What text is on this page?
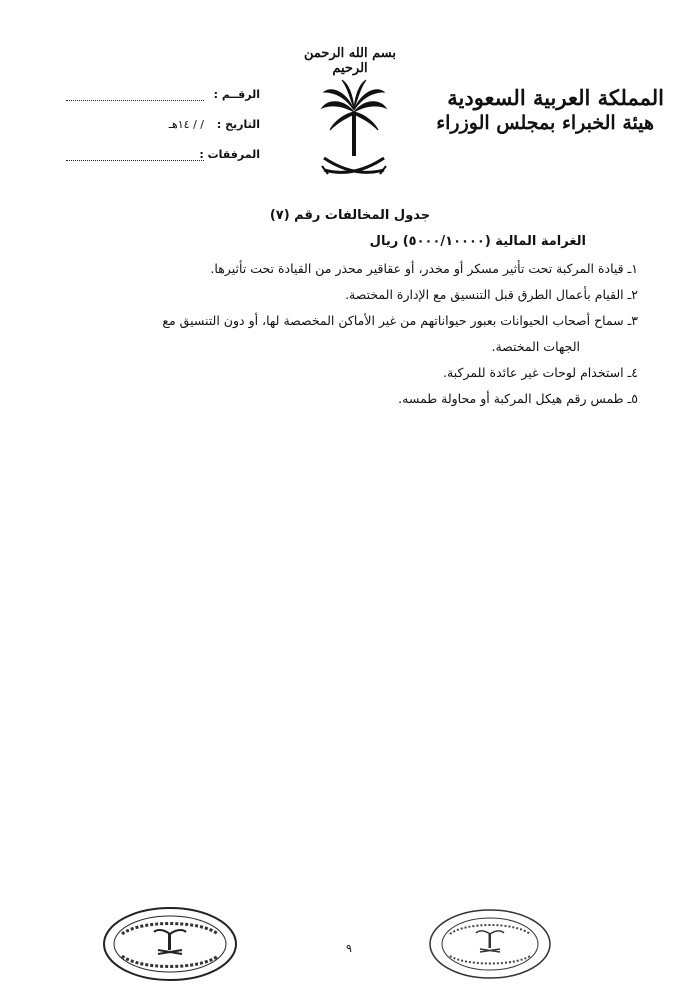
بسم الله الرحمن الرحيم
المملكة العربية السعودية
هيئة الخبراء بمجلس الوزراء
الرقــم :
التاريخ :
/ / ١٤هـ
المرفقات :
جدول المخالفات رقم (٧)
الغرامة المالية (٥٠٠٠/١٠٠٠٠) ريال

١ـ قيادة المركبة تحت تأثير مسكر أو مخدر، أو عقاقير محذر من القيادة تحت تأثيرها.

٢ـ القيام بأعمال الطرق قبل التنسيق مع الإدارة المختصة.

٣ـ سماح أصحاب الحيوانات بعبور حيواناتهم من غير الأماكن المخصصة لها، أو دون التنسيق مع

الجهات المختصة.

٤ـ استخدام لوحات غير عائدة للمركبة.

٥ـ طمس رقم هيكل المركبة أو محاولة طمسه.

٩
